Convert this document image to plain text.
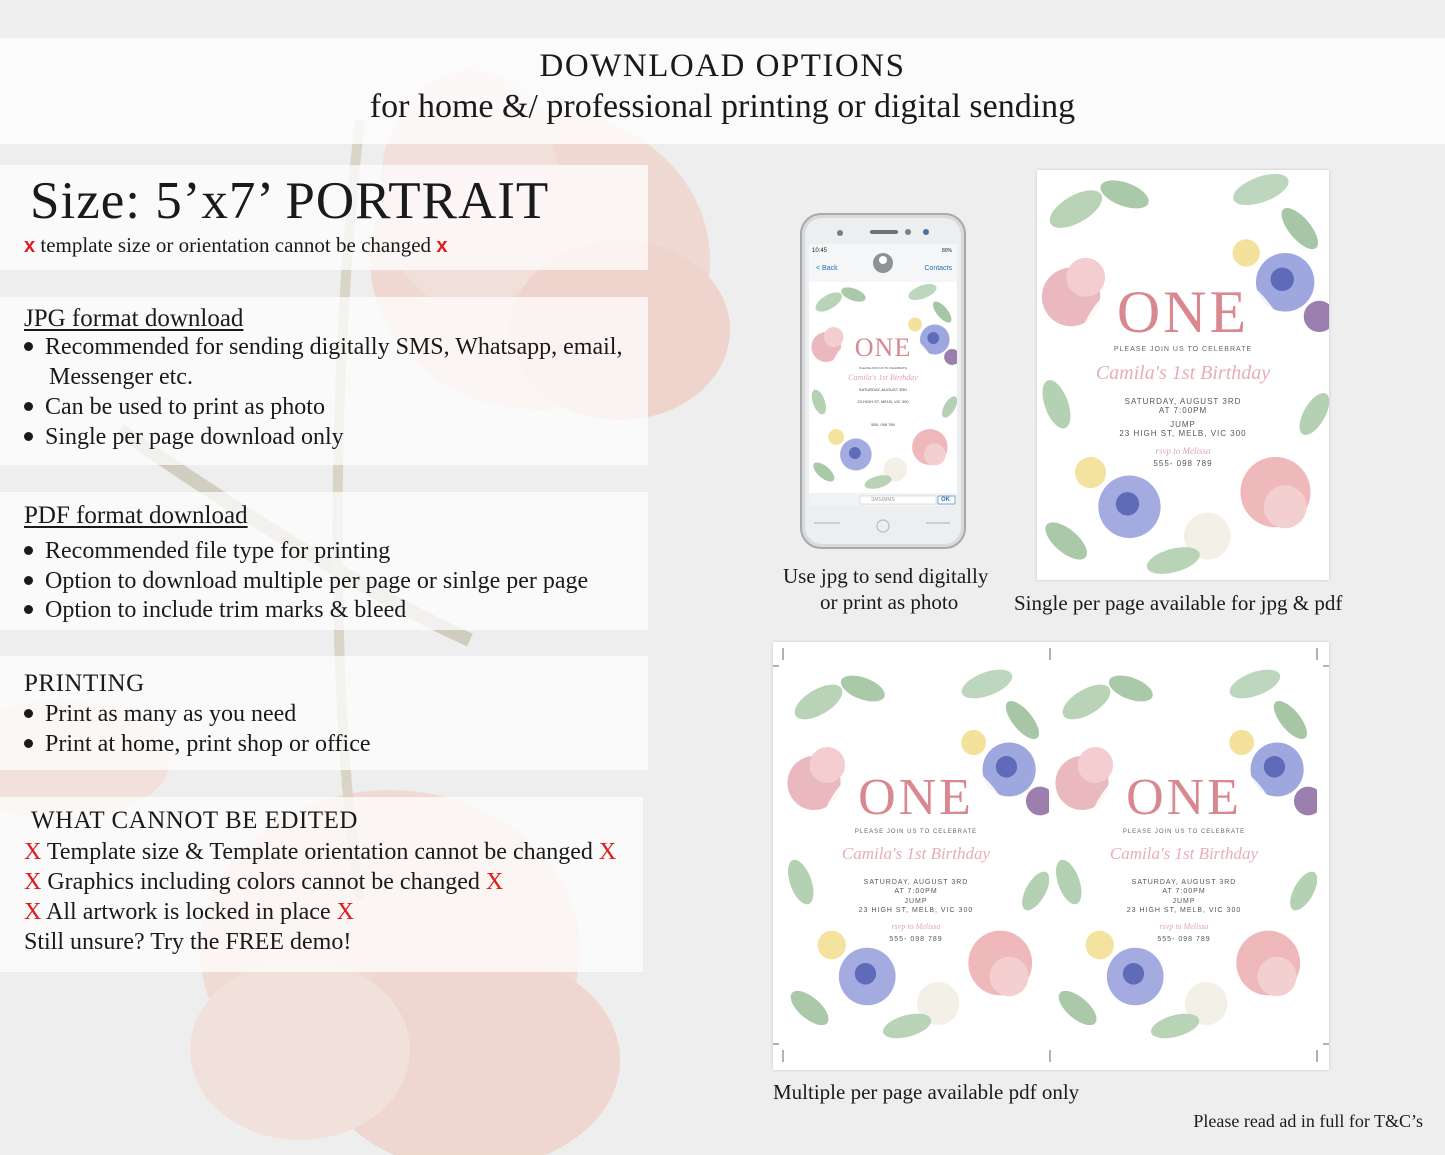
DOWNLOAD OPTIONS
for home &/ professional printing or digital sending
Size: 5’x7’ PORTRAIT
x template size or orientation cannot be changed x
JPG format download
Recommended for sending digitally SMS, Whatsapp, email,
Messenger etc.
Can be used to print as photo
Single per page download only
PDF format download
Recommended file type for printing
Option to download multiple per page or sinlge per page
Option to include trim marks & bleed
PRINTING
Print as many as you need
Print at home, print shop or office
WHAT CANNOT BE EDITED
X Template size & Template orientation cannot be changed X
X Graphics including colors cannot be changed X
X All artwork is locked in place X
Still unsure? Try the FREE demo!
10:45	80%
< Back	Contacts
ONE
PLEASE JOIN US TO CELEBRATE
Camila's 1st Birthday
SATURDAY, AUGUST 3RD
23 HIGH ST, MELB, VIC 300
555- 098 789
SMS/MMS	OK
Use jpg to send digitally
or print as photo
ONE
PLEASE JOIN US TO CELEBRATE
Camila's 1st Birthday
SATURDAY, AUGUST 3RD
AT 7:00PM
JUMP
23 HIGH ST, MELB, VIC 300
rsvp to Melissa
555- 098 789
Single per page available for jpg & pdf
ONE
PLEASE JOIN US TO CELEBRATE
Camila's 1st Birthday
SATURDAY, AUGUST 3RD
AT 7:00PM
JUMP
23 HIGH ST, MELB, VIC 300
rsvp to Melissa
555- 098 789
ONE
PLEASE JOIN US TO CELEBRATE
Camila's 1st Birthday
SATURDAY, AUGUST 3RD
AT 7:00PM
JUMP
23 HIGH ST, MELB, VIC 300
rsvp to Melissa
555- 098 789
Multiple per page available pdf only
Please read ad in full for T&C’s
